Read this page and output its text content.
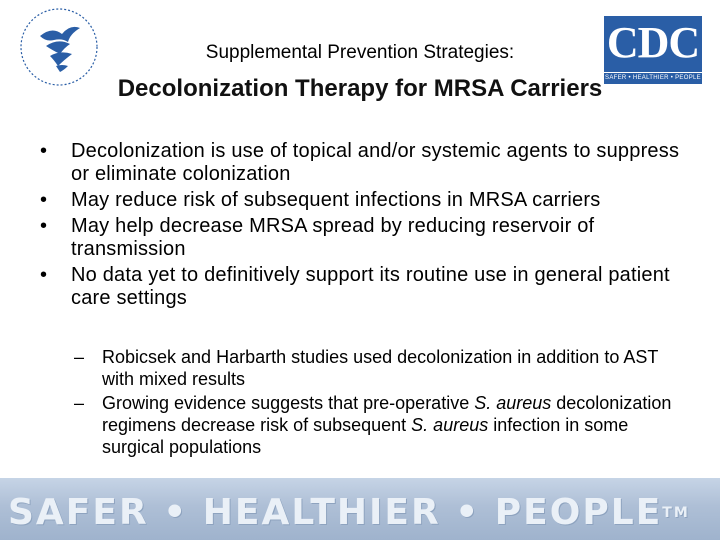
CDC
SAFER • HEALTHIER • PEOPLE
Supplemental Prevention Strategies:
Decolonization Therapy for MRSA Carriers
• Decolonization is use of topical and/or systemic agents to suppress or eliminate colonization
• May reduce risk of subsequent infections in MRSA carriers
• May help decrease MRSA spread by reducing reservoir of transmission
• No data yet to definitively support its routine use in general patient care settings
– Robicsek and Harbarth studies used decolonization in addition to AST with mixed results
– Growing evidence suggests that pre-operative S. aureus decolonization regimens decrease risk of subsequent S. aureus infection in some surgical populations
SAFER • HEALTHIER • PEOPLE™
